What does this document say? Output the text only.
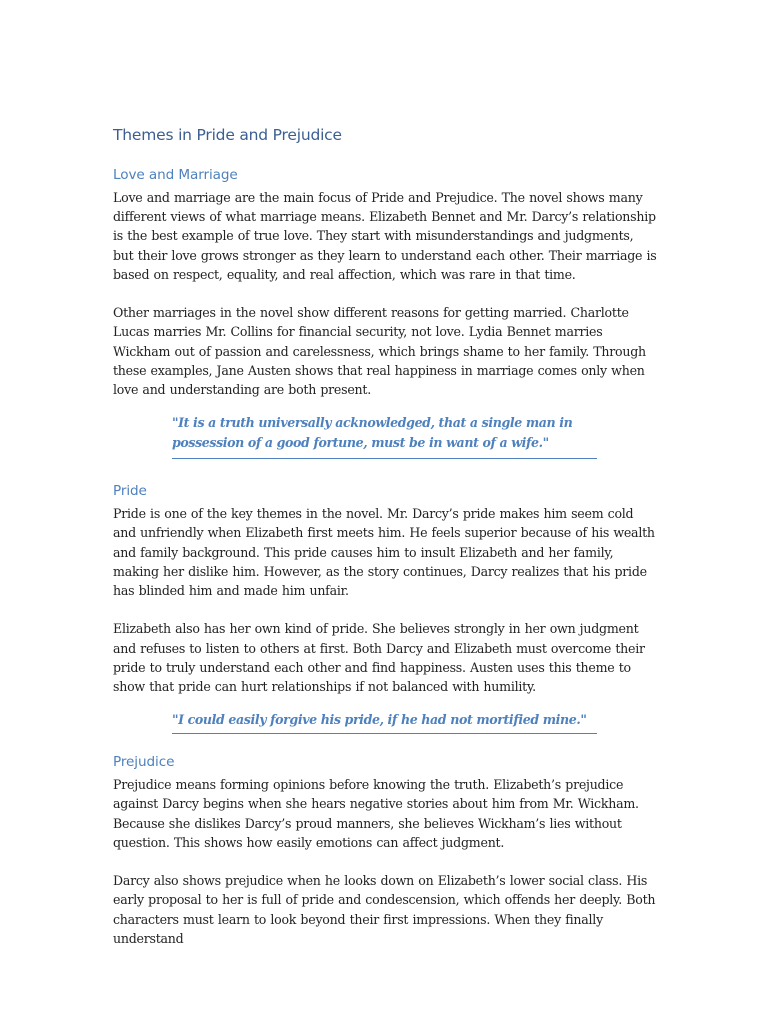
Themes in Pride and Prejudice
Love and Marriage

Love and marriage are the main focus of Pride and Prejudice. The novel shows many different views of what marriage means. Elizabeth Bennet and Mr. Darcy’s relationship is the best example of true love. They start with misunderstandings and judgments, but their love grows stronger as they learn to understand each other. Their marriage is based on respect, equality, and real affection, which was rare in that time.

Other marriages in the novel show different reasons for getting married. Charlotte Lucas marries Mr. Collins for financial security, not love. Lydia Bennet marries Wickham out of passion and carelessness, which brings shame to her family. Through these examples, Jane Austen shows that real happiness in marriage comes only when love and understanding are both present.

"It is a truth universally acknowledged, that a single man in possession of a good fortune, must be in want of a wife."
Pride

Pride is one of the key themes in the novel. Mr. Darcy’s pride makes him seem cold and unfriendly when Elizabeth first meets him. He feels superior because of his wealth and family background. This pride causes him to insult Elizabeth and her family, making her dislike him. However, as the story continues, Darcy realizes that his pride has blinded him and made him unfair.

Elizabeth also has her own kind of pride. She believes strongly in her own judgment and refuses to listen to others at first. Both Darcy and Elizabeth must overcome their pride to truly understand each other and find happiness. Austen uses this theme to show that pride can hurt relationships if not balanced with humility.

"I could easily forgive his pride, if he had not mortified mine."
Prejudice

Prejudice means forming opinions before knowing the truth. Elizabeth’s prejudice against Darcy begins when she hears negative stories about him from Mr. Wickham. Because she dislikes Darcy’s proud manners, she believes Wickham’s lies without question. This shows how easily emotions can affect judgment.

Darcy also shows prejudice when he looks down on Elizabeth’s lower social class. His early proposal to her is full of pride and condescension, which offends her deeply. Both characters must learn to look beyond their first impressions. When they finally understand
